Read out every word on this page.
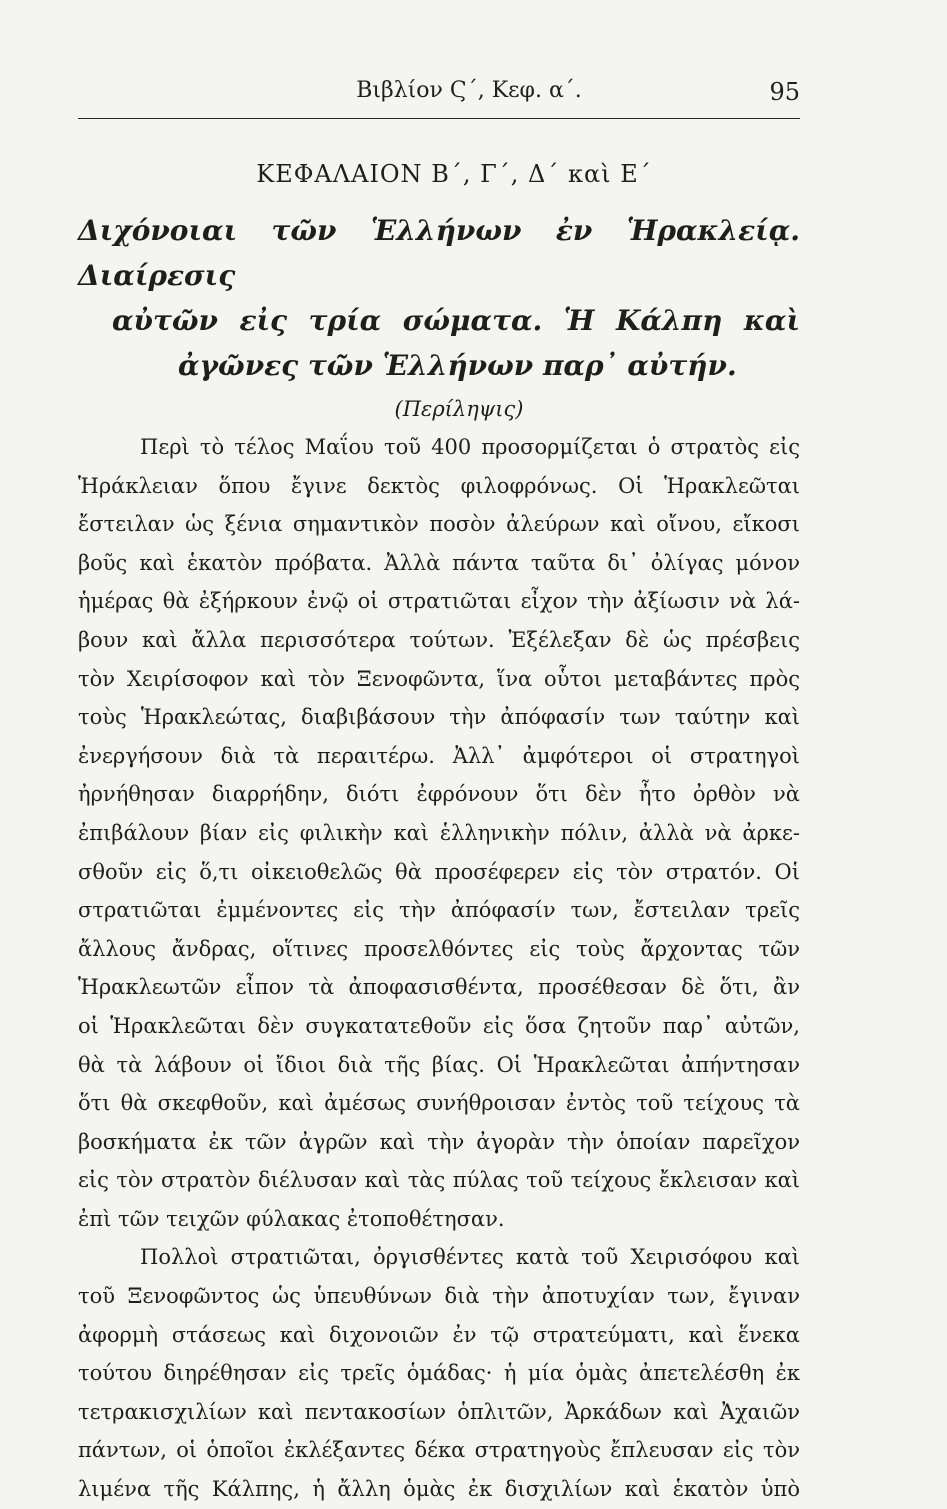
Βιβλίον Ϛ΄, Κεφ. α΄.	95
ΚΕΦΑΛΑΙΟΝ Β΄, Γ΄, Δ΄ καὶ Ε΄
Διχόνοιαι τῶν Ἑλλήνων ἐν Ἡρακλείᾳ. Διαίρεσις
αὐτῶν εἰς τρία σώματα. Ἡ Κάλπη καὶ
ἀγῶνες τῶν Ἑλλήνων παρ᾽ αὐτήν.
(Περίληψις)

Περὶ τὸ τέλος Μαΐου τοῦ 400 προσορμίζεται ὁ στρατὸς εἰς
Ἡράκλειαν ὅπου ἔγινε δεκτὸς φιλοφρόνως. Οἱ Ἡρακλεῶται
ἔστειλαν ὡς ξένια σημαντικὸν ποσὸν ἀλεύρων καὶ οἴνου, εἴκοσι
βοῦς καὶ ἑκατὸν πρόβατα. Ἀλλὰ πάντα ταῦτα δι᾽ ὀλίγας μόνον
ἡμέρας θὰ ἐξήρκουν ἐνῷ οἱ στρατιῶται εἶχον τὴν ἀξίωσιν νὰ λά-
βουν καὶ ἄλλα περισσότερα τούτων. Ἐξέλεξαν δὲ ὡς πρέσβεις
τὸν Χειρίσοφον καὶ τὸν Ξενοφῶντα, ἵνα οὗτοι μεταβάντες πρὸς
τοὺς Ἡρακλεώτας, διαβιβάσουν τὴν ἀπόφασίν των ταύτην καὶ
ἐνεργήσουν διὰ τὰ περαιτέρω. Ἀλλ᾽ ἀμφότεροι οἱ στρατηγοὶ
ἠρνήθησαν διαρρήδην, διότι ἐφρόνουν ὅτι δὲν ἦτο ὀρθὸν νὰ
ἐπιβάλουν βίαν εἰς φιλικὴν καὶ ἑλληνικὴν πόλιν, ἀλλὰ νὰ ἀρκε-
σθοῦν εἰς ὅ,τι οἰκειοθελῶς θὰ προσέφερεν εἰς τὸν στρατόν. Οἱ
στρατιῶται ἐμμένοντες εἰς τὴν ἀπόφασίν των, ἔστειλαν τρεῖς
ἄλλους ἄνδρας, οἵτινες προσελθόντες εἰς τοὺς ἄρχοντας τῶν
Ἡρακλεωτῶν εἶπον τὰ ἀποφασισθέντα, προσέθεσαν δὲ ὅτι, ἂν
οἱ Ἡρακλεῶται δὲν συγκατατεθοῦν εἰς ὅσα ζητοῦν παρ᾽ αὐτῶν,
θὰ τὰ λάβουν οἱ ἴδιοι διὰ τῆς βίας. Οἱ Ἡρακλεῶται ἀπήντησαν
ὅτι θὰ σκεφθοῦν, καὶ ἀμέσως συνήθροισαν ἐντὸς τοῦ τείχους τὰ
βοσκήματα ἐκ τῶν ἀγρῶν καὶ τὴν ἀγορὰν τὴν ὁποίαν παρεῖχον
εἰς τὸν στρατὸν διέλυσαν καὶ τὰς πύλας τοῦ τείχους ἔκλεισαν καὶ
ἐπὶ τῶν τειχῶν φύλακας ἐτοποθέτησαν.

Πολλοὶ στρατιῶται, ὀργισθέντες κατὰ τοῦ Χειρισόφου καὶ
τοῦ Ξενοφῶντος ὡς ὑπευθύνων διὰ τὴν ἀποτυχίαν των, ἔγιναν
ἀφορμὴ στάσεως καὶ διχονοιῶν ἐν τῷ στρατεύματι, καὶ ἕνεκα
τούτου διηρέθησαν εἰς τρεῖς ὁμάδας· ἡ μία ὁμὰς ἀπετελέσθη ἐκ
τετρακισχιλίων καὶ πεντακοσίων ὁπλιτῶν, Ἀρκάδων καὶ Ἀχαιῶν
πάντων, οἱ ὁποῖοι ἐκλέξαντες δέκα στρατηγοὺς ἔπλευσαν εἰς τὸν
λιμένα τῆς Κάλπης, ἡ ἄλλη ὁμὰς ἐκ δισχιλίων καὶ ἑκατὸν ὑπὸ
